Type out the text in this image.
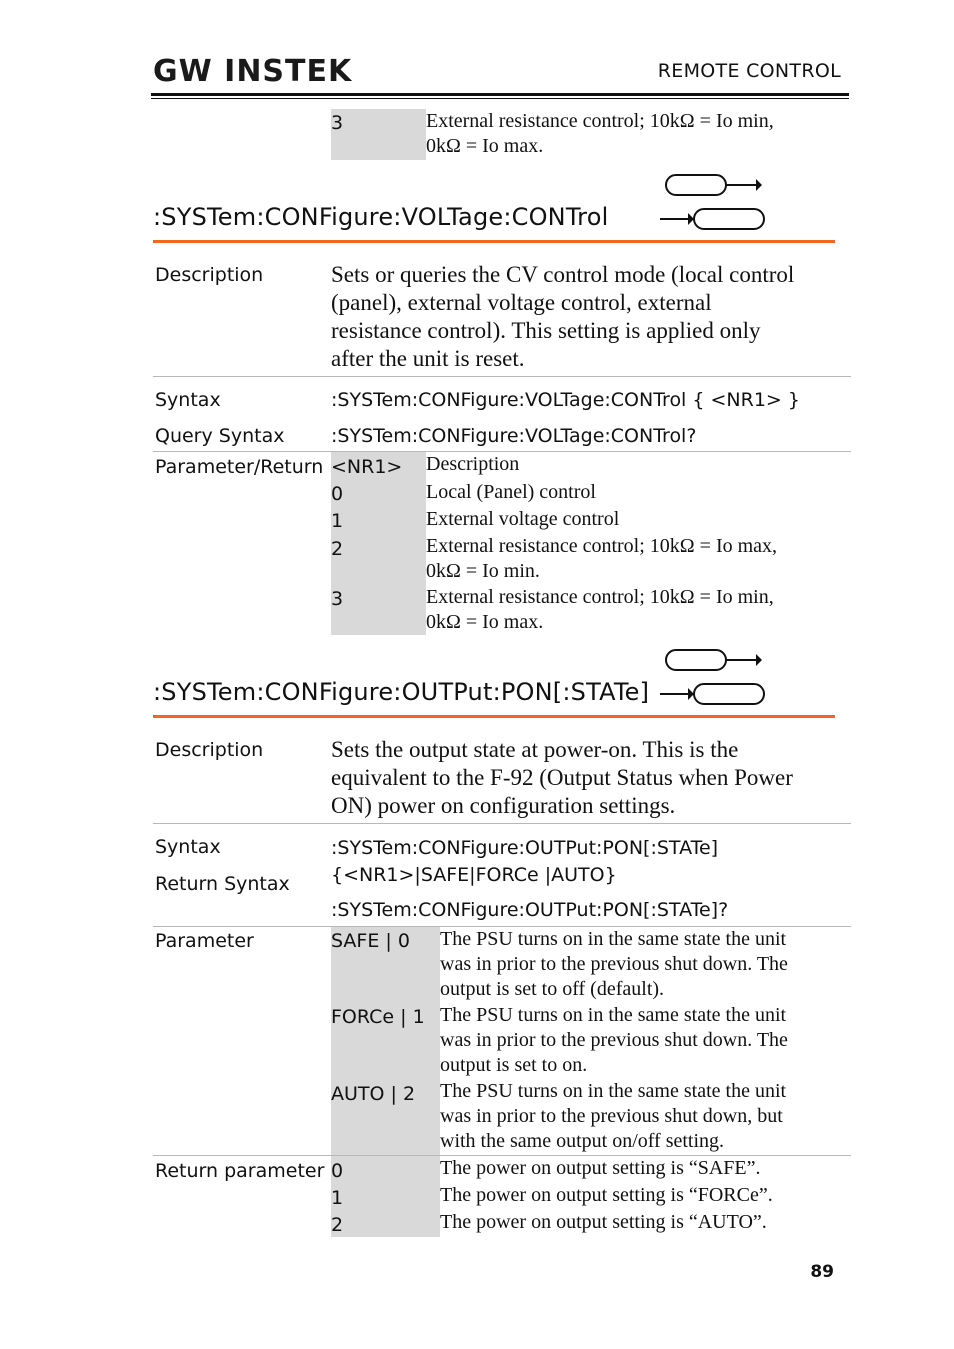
GW INSTEK	REMOTE CONTROL
3	External resistance control; 10kΩ = Io min,
0kΩ = Io max.
:SYSTem:CONFigure:VOLTage:CONTrol
Description	Sets or queries the CV control mode (local control
(panel), external voltage control, external
resistance control). This setting is applied only
after the unit is reset.
Syntax	:SYSTem:CONFigure:VOLTage:CONTrol { <NR1> }
Query Syntax :SYSTem:CONFigure:VOLTage:CONTrol?
Parameter/Return <NR1> Description
0	Local (Panel) control
1	External voltage control
2	External resistance control; 10kΩ = Io max,
0kΩ = Io min.
3	External resistance control; 10kΩ = Io min,
0kΩ = Io max.
:SYSTem:CONFigure:OUTPut:PON[:STATe]
Description	Sets the output state at power-on. This is the
equivalent to the F-92 (Output Status when Power
ON) power on configuration settings.
Syntax	:SYSTem:CONFigure:OUTPut:PON[:STATe]
{<NR1>|SAFE|FORCe |AUTO}
Return Syntax
:SYSTem:CONFigure:OUTPut:PON[:STATe]?
Parameter	SAFE | 0 The PSU turns on in the same state the unit
was in prior to the previous shut down. The
output is set to off (default).
FORCe | 1 The PSU turns on in the same state the unit
was in prior to the previous shut down. The
output is set to on.
AUTO | 2 The PSU turns on in the same state the unit
was in prior to the previous shut down, but
with the same output on/off setting.
Return parameter 0	The power on output setting is “SAFE”.
1	The power on output setting is “FORCe”.
2	The power on output setting is “AUTO”.
89
